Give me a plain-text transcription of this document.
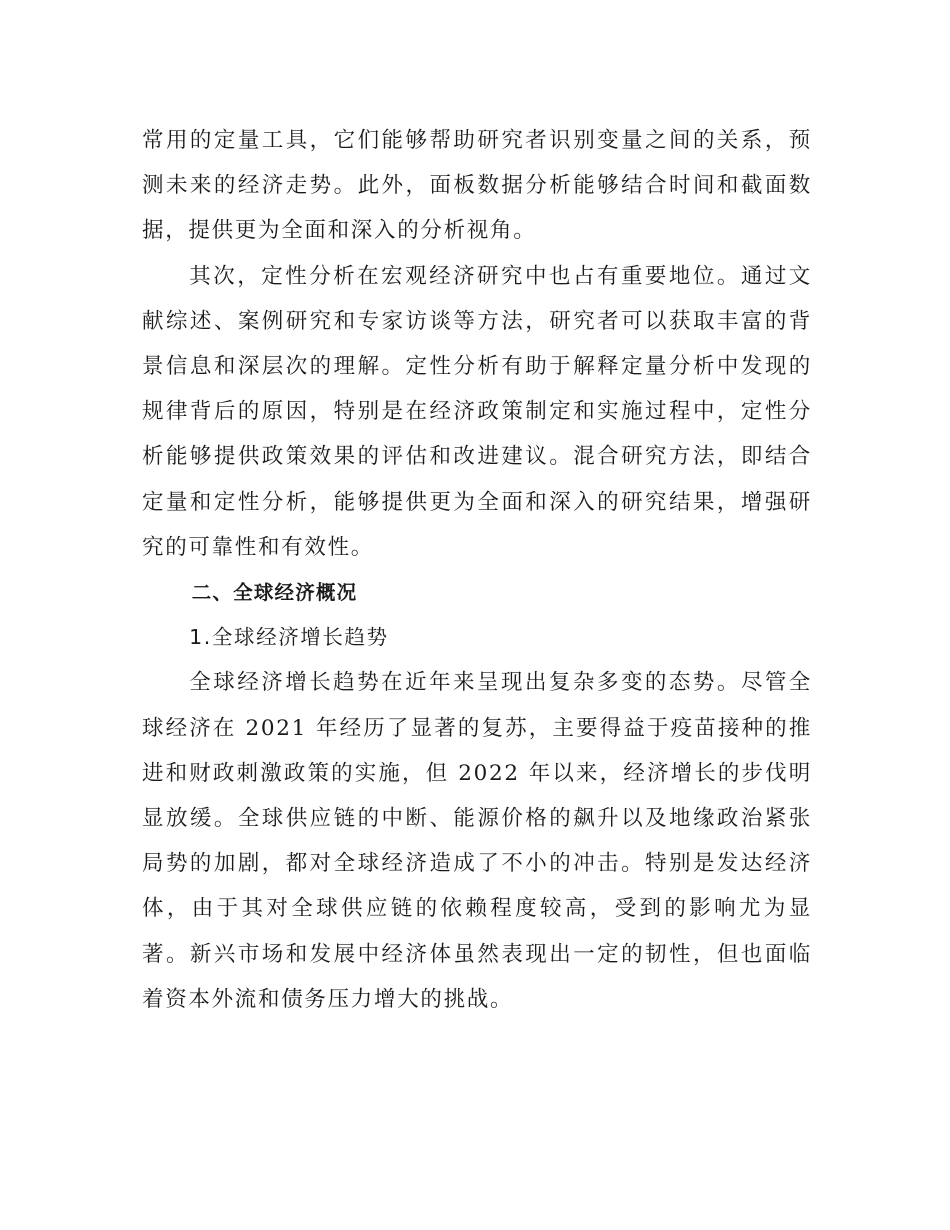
常用的定量工具，它们能够帮助研究者识别变量之间的关系，预测未来的经济走势。此外，面板数据分析能够结合时间和截面数据，提供更为全面和深入的分析视角。

其次，定性分析在宏观经济研究中也占有重要地位。通过文献综述、案例研究和专家访谈等方法，研究者可以获取丰富的背景信息和深层次的理解。定性分析有助于解释定量分析中发现的规律背后的原因，特别是在经济政策制定和实施过程中，定性分析能够提供政策效果的评估和改进建议。混合研究方法，即结合定量和定性分析，能够提供更为全面和深入的研究结果，增强研究的可靠性和有效性。

二、全球经济概况

1.全球经济增长趋势

全球经济增长趋势在近年来呈现出复杂多变的态势。尽管全球经济在 2021 年经历了显著的复苏，主要得益于疫苗接种的推进和财政刺激政策的实施，但 2022 年以来，经济增长的步伐明显放缓。全球供应链的中断、能源价格的飙升以及地缘政治紧张局势的加剧，都对全球经济造成了不小的冲击。特别是发达经济体，由于其对全球供应链的依赖程度较高，受到的影响尤为显著。新兴市场和发展中经济体虽然表现出一定的韧性，但也面临着资本外流和债务压力增大的挑战。
